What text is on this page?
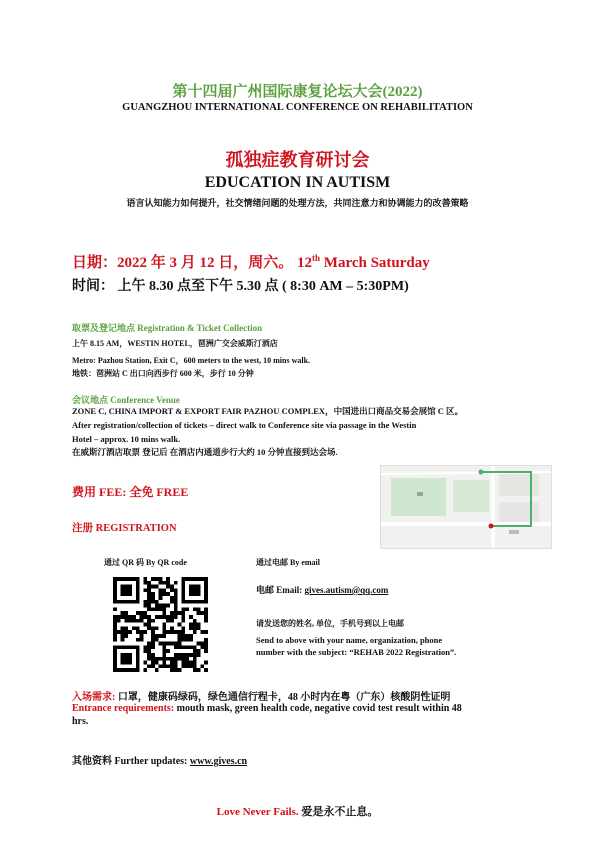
第十四届广州国际康复论坛大会(2022)
GUANGZHOU INTERNATIONAL CONFERENCE ON REHABILITATION
孤独症教育研讨会
EDUCATION IN AUTISM
语言认知能力如何提升，社交情绪问题的处理方法，共同注意力和协调能力的改善策略
日期：2022 年 3 月 12 日，周六。 12th March Saturday
时间： 上午 8.30 点至下午 5.30 点 ( 8:30 AM – 5:30PM)
取票及登记地点 Registration & Ticket Collection
上午 8.15 AM，WESTIN HOTEL，琶洲广交会威斯汀酒店
Metro: Pazhou Station, Exit C，600 meters to the west, 10 mins walk.
地铁：琶洲站 C 出口向西步行 600 米，步行 10 分钟
会议地点 Conference Venue
ZONE C, CHINA IMPORT & EXPORT FAIR PAZHOU COMPLEX，中国进出口商品交易会展馆 C 区。
After registration/collection of tickets – direct walk to Conference site via passage in the Westin
Hotel – approx. 10 mins walk.
在威斯汀酒店取票 登记后 在酒店内通道步行大约 10 分钟直接到达会场.
费用 FEE: 全免 FREE
注册 REGISTRATION
通过 QR 码 By QR code	通过电邮 By email
电邮 Email: gives.autism@qq.com
请发送您的姓名, 单位，手机号到以上电邮
Send to above with your name, organization, phone
number with the subject: “REHAB 2022 Registration”.
入场需求: 口罩，健康码绿码，绿色通信行程卡，48 小时内在粤（广东）核酸阴性证明
Entrance requirements: mouth mask, green health code, negative covid test result within 48
hrs.
其他资料 Further updates: www.gives.cn
Love Never Fails. 爱是永不止息。
